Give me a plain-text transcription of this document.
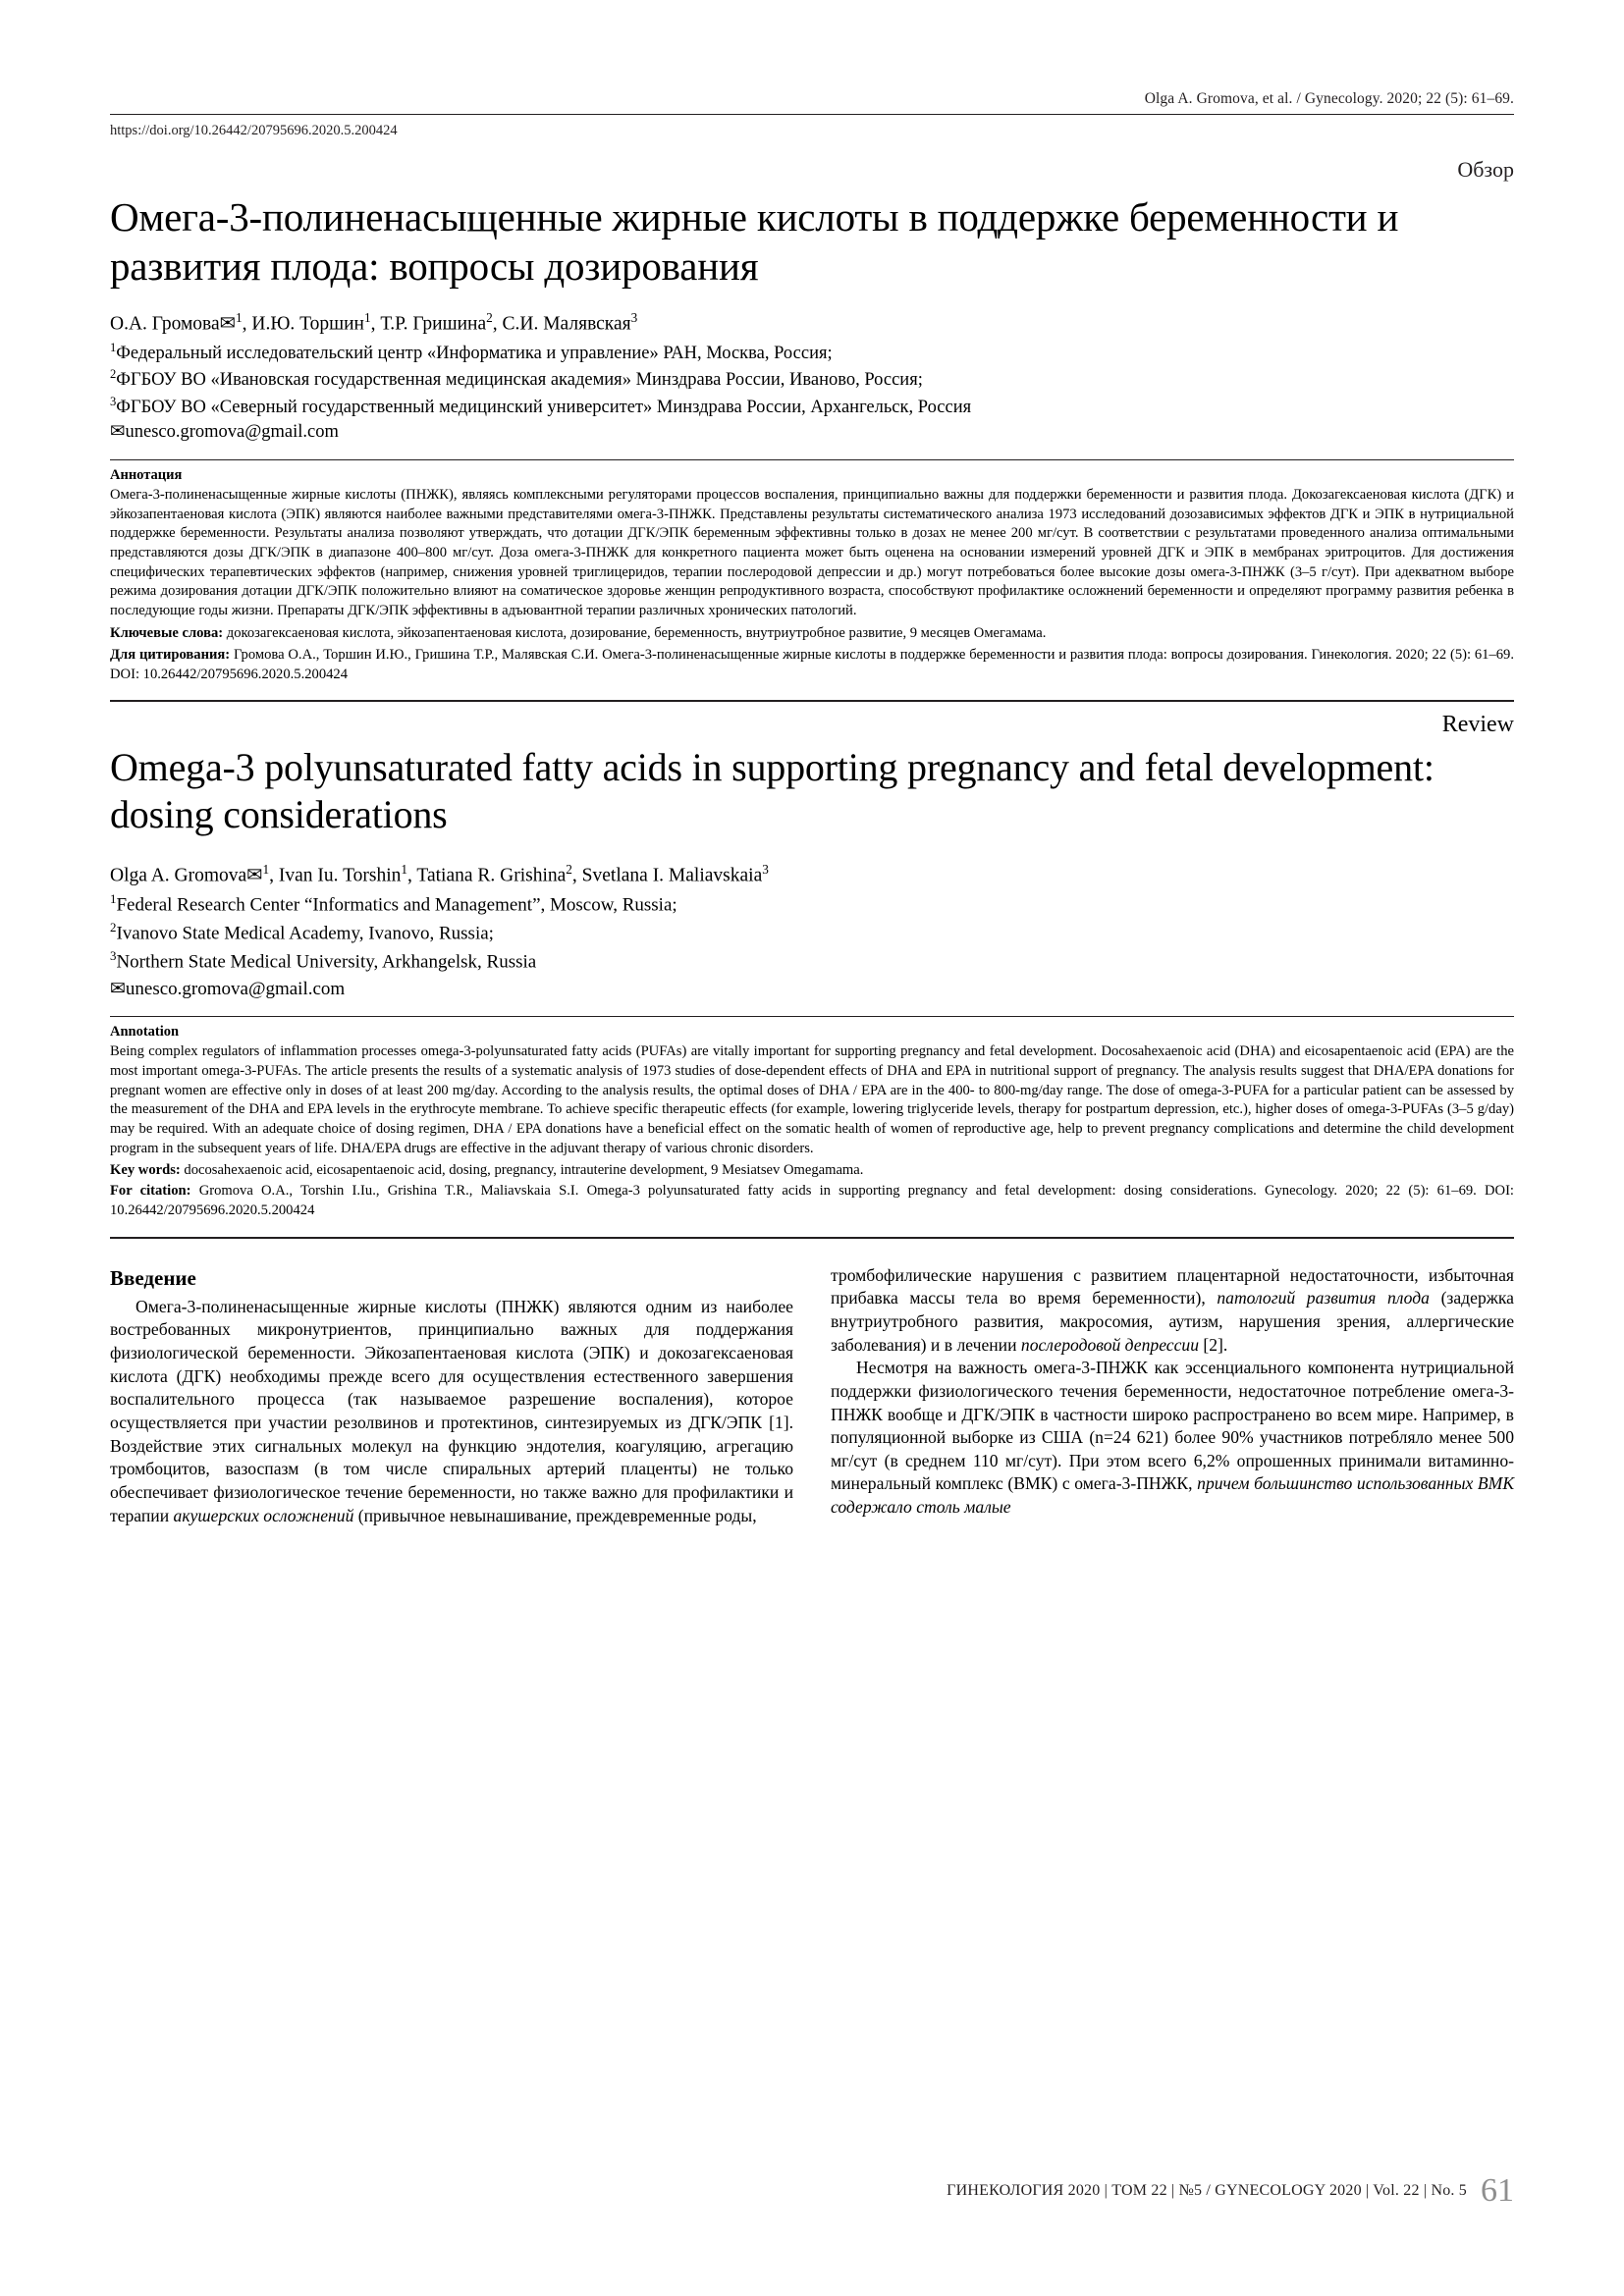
Olga A. Gromova, et al. / Gynecology. 2020; 22 (5): 61–69.
https://doi.org/10.26442/20795696.2020.5.200424
Обзор
Омега-3-полиненасыщенные жирные кислоты в поддержке беременности и развития плода: вопросы дозирования
О.А. Громова✉$^1$, И.Ю. Торшин$^1$, Т.Р. Гришина$^2$, С.И. Малявская$^3$
$^1$Федеральный исследовательский центр «Информатика и управление» РАН, Москва, Россия;
$^2$ФГБОУ ВО «Ивановская государственная медицинская академия» Минздрава России, Иваново, Россия;
$^3$ФГБОУ ВО «Северный государственный медицинский университет» Минздрава России, Архангельск, Россия
✉unesco.gromova@gmail.com
Аннотация
Омега-3-полиненасыщенные жирные кислоты (ПНЖК), являясь комплексными регуляторами процессов воспаления, принципиально важны для поддержки беременности и развития плода. Докозагексаеновая кислота (ДГК) и эйкозапентаеновая кислота (ЭПК) являются наиболее важными представителями омега-3-ПНЖК. Представлены результаты систематического анализа 1973 исследований дозозависимых эффектов ДГК и ЭПК в нутрициальной поддержке беременности. Результаты анализа позволяют утверждать, что дотации ДГК/ЭПК беременным эффективны только в дозах не менее 200 мг/сут. В соответствии с результатами проведенного анализа оптимальными представляются дозы ДГК/ЭПК в диапазоне 400–800 мг/сут. Доза омега-3-ПНЖК для конкретного пациента может быть оценена на основании измерений уровней ДГК и ЭПК в мембранах эритроцитов. Для достижения специфических терапевтических эффектов (например, снижения уровней триглицеридов, терапии послеродовой депрессии и др.) могут потребоваться более высокие дозы омега-3-ПНЖК (3–5 г/сут). При адекватном выборе режима дозирования дотации ДГК/ЭПК положительно влияют на соматическое здоровье женщин репродуктивного возраста, способствуют профилактике осложнений беременности и определяют программу развития ребенка в последующие годы жизни. Препараты ДГК/ЭПК эффективны в адъювантной терапии различных хронических патологий.
Ключевые слова: докозагексаеновая кислота, эйкозапентаеновая кислота, дозирование, беременность, внутриутробное развитие, 9 месяцев Омегамама.
Для цитирования: Громова О.А., Торшин И.Ю., Гришина Т.Р., Малявская С.И. Омега-3-полиненасыщенные жирные кислоты в поддержке беременности и развития плода: вопросы дозирования. Гинекология. 2020; 22 (5): 61–69. DOI: 10.26442/20795696.2020.5.200424
Review
Omega-3 polyunsaturated fatty acids in supporting pregnancy and fetal development: dosing considerations
Olga A. Gromova✉$^1$, Ivan Iu. Torshin$^1$, Tatiana R. Grishina$^2$, Svetlana I. Maliavskaia$^3$
$^1$Federal Research Center “Informatics and Management”, Moscow, Russia;
$^2$Ivanovo State Medical Academy, Ivanovo, Russia;
$^3$Northern State Medical University, Arkhangelsk, Russia
✉unesco.gromova@gmail.com
Annotation
Being complex regulators of inflammation processes omega-3-polyunsaturated fatty acids (PUFAs) are vitally important for supporting pregnancy and fetal development. Docosahexaenoic acid (DHA) and eicosapentaenoic acid (EPA) are the most important omega-3-PUFAs. The article presents the results of a systematic analysis of 1973 studies of dose-dependent effects of DHA and EPA in nutritional support of pregnancy. The analysis results suggest that DHA/EPA donations for pregnant women are effective only in doses of at least 200 mg/day. According to the analysis results, the optimal doses of DHA / EPA are in the 400- to 800-mg/day range. The dose of omega-3-PUFA for a particular patient can be assessed by the measurement of the DHA and EPA levels in the erythrocyte membrane. To achieve specific therapeutic effects (for example, lowering triglyceride levels, therapy for postpartum depression, etc.), higher doses of omega-3-PUFAs (3–5 g/day) may be required. With an adequate choice of dosing regimen, DHA / EPA donations have a beneficial effect on the somatic health of women of reproductive age, help to prevent pregnancy complications and determine the child development program in the subsequent years of life. DHA/EPA drugs are effective in the adjuvant therapy of various chronic disorders.
Key words: docosahexaenoic acid, eicosapentaenoic acid, dosing, pregnancy, intrauterine development, 9 Mesiatsev Omegamama.
For citation: Gromova O.A., Torshin I.Iu., Grishina T.R., Maliavskaia S.I. Omega-3 polyunsaturated fatty acids in supporting pregnancy and fetal development: dosing considerations. Gynecology. 2020; 22 (5): 61–69. DOI: 10.26442/20795696.2020.5.200424
Введение

Омега-3-полиненасыщенные жирные кислоты (ПНЖК) являются одним из наиболее востребованных микронутриентов, принципиально важных для поддержания физиологической беременности. Эйкозапентаеновая кислота (ЭПК) и докозагексаеновая кислота (ДГК) необходимы прежде всего для осуществления естественного завершения воспалительного процесса (так называемое разрешение воспаления), которое осуществляется при участии резолвинов и протектинов, синтезируемых из ДГК/ЭПК [1]. Воздействие этих сигнальных молекул на функцию эндотелия, коагуляцию, агрегацию тромбоцитов, вазоспазм (в том числе спиральных артерий плаценты) не только обеспечивает физиологическое течение беременности, но также важно для профилактики и терапии акушерских осложнений (привычное невынашивание, преждевременные роды,

тромбофилические нарушения с развитием плацентарной недостаточности, избыточная прибавка массы тела во время беременности), патологий развития плода (задержка внутриутробного развития, макросомия, аутизм, нарушения зрения, аллергические заболевания) и в лечении послеродовой депрессии [2].

Несмотря на важность омега-3-ПНЖК как эссенциального компонента нутрициальной поддержки физиологического течения беременности, недостаточное потребление омега-3-ПНЖК вообще и ДГК/ЭПК в частности широко распространено во всем мире. Например, в популяционной выборке из США (n=24 621) более 90% участников потребляло менее 500 мг/сут (в среднем 110 мг/сут). При этом всего 6,2% опрошенных принимали витаминно-минеральный комплекс (ВМК) с омега-3-ПНЖК, причем большинство использованных ВМК содержало столь малые

ГИНЕКОЛОГИЯ 2020 | ТОМ 22 | №5 / GYNECOLOGY 2020 | Vol. 22 | No. 5 61
